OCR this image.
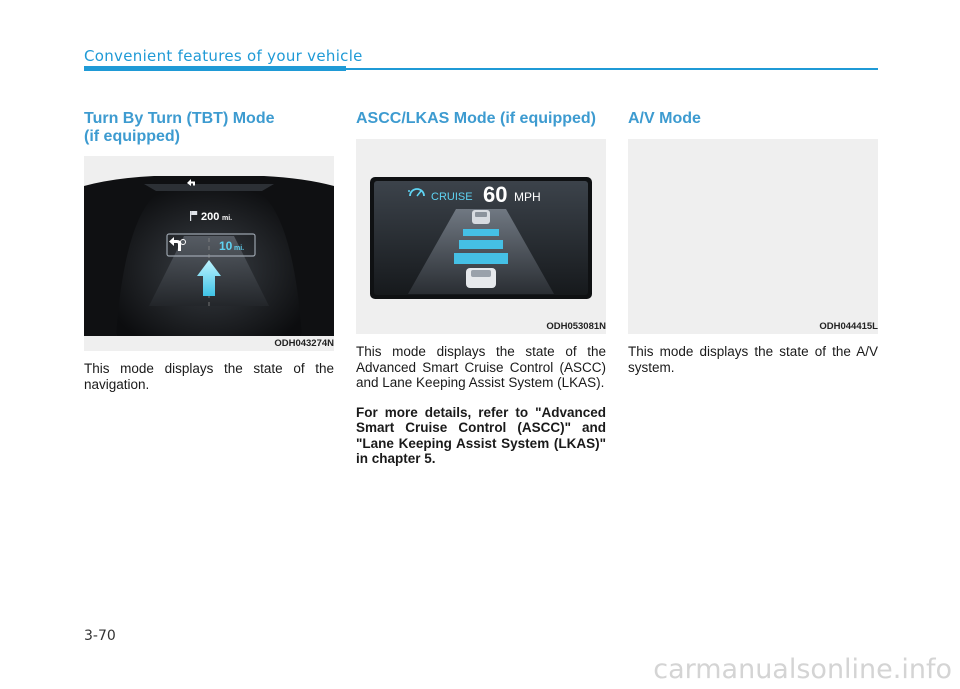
Convenient features of your vehicle
Turn By Turn (TBT) Mode
(if equipped)
200 mi.
10 mi.
ODH043274N

This mode displays the state of the navigation.

ASCC/LKAS Mode (if equipped)
CRUISE 60 MPH
ODH053081N

This mode displays the state of the Advanced Smart Cruise Control (ASCC) and Lane Keeping Assist System (LKAS).

For more details, refer to "Advanced Smart Cruise Control (ASCC)" and "Lane Keeping Assist System (LKAS)" in chapter 5.

A/V Mode
ODH044415L

This mode displays the state of the A/V system.

3-70
carmanualsonline.info
